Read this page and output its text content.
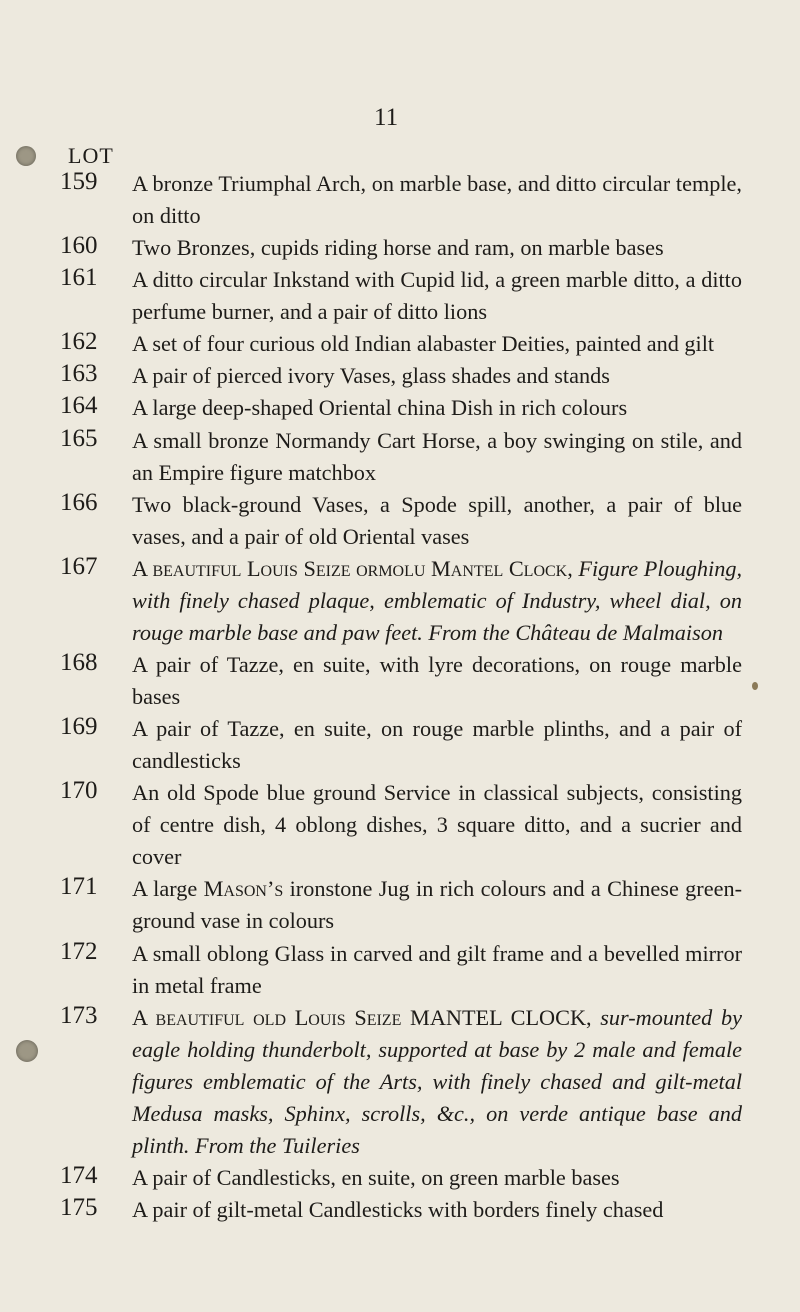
11
LOT
159 A bronze Triumphal Arch, on marble base, and ditto circular temple, on ditto
160 Two Bronzes, cupids riding horse and ram, on marble bases
161 A ditto circular Inkstand with Cupid lid, a green marble ditto, a ditto perfume burner, and a pair of ditto lions
162 A set of four curious old Indian alabaster Deities, painted and gilt
163 A pair of pierced ivory Vases, glass shades and stands
164 A large deep-shaped Oriental china Dish in rich colours
165 A small bronze Normandy Cart Horse, a boy swinging on stile, and an Empire figure matchbox
166 Two black-ground Vases, a Spode spill, another, a pair of blue vases, and a pair of old Oriental vases
167 A beautiful Louis Seize ormolu Mantel Clock, Figure Ploughing, with finely chased plaque, emblematic of Industry, wheel dial, on rouge marble base and paw feet. From the Château de Malmaison
168 A pair of Tazze, en suite, with lyre decorations, on rouge marble bases
169 A pair of Tazze, en suite, on rouge marble plinths, and a pair of candlesticks
170 An old Spode blue ground Service in classical subjects, consisting of centre dish, 4 oblong dishes, 3 square ditto, and a sucrier and cover
171 A large Mason’s ironstone Jug in rich colours and a Chinese green-ground vase in colours
172 A small oblong Glass in carved and gilt frame and a bevelled mirror in metal frame
173 A beautiful old Louis Seize MANTEL CLOCK, sur-mounted by eagle holding thunderbolt, supported at base by 2 male and female figures emblematic of the Arts, with finely chased and gilt-metal Medusa masks, Sphinx, scrolls, &c., on verde antique base and plinth. From the Tuileries
174 A pair of Candlesticks, en suite, on green marble bases
175 A pair of gilt-metal Candlesticks with borders finely chased
